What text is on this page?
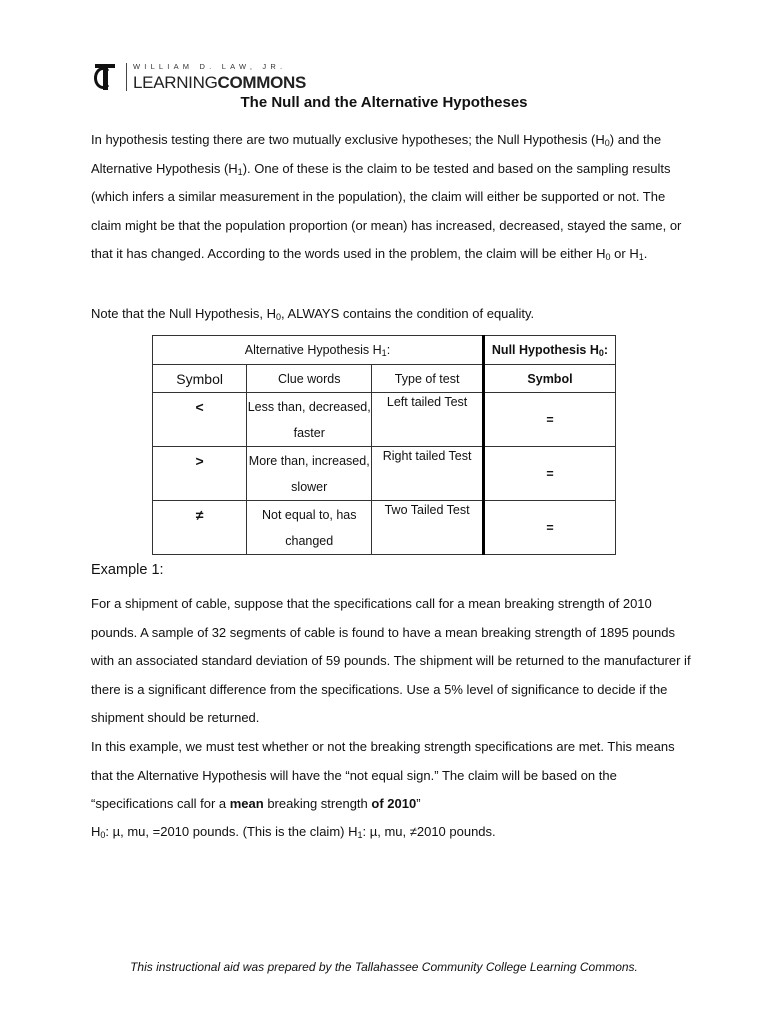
WILLIAM D. LAW, JR.
LEARNINGCOMMONS
The Null and the Alternative Hypotheses

In hypothesis testing there are two mutually exclusive hypotheses; the Null Hypothesis $(H_0)$ and the Alternative Hypothesis $(H_1)$. One of these is the claim to be tested and based on the sampling results (which infers a similar measurement in the population), the claim will either be supported or not. The claim might be that the population proportion (or mean) has increased, decreased, stayed the same, or that it has changed. According to the words used in the problem, the claim will be either $H_0$ or $H_1$.

Note that the Null Hypothesis, $H_0$, ALWAYS contains the condition of equality.

Alternative Hypothesis $H_1$:			Null Hypothesis $H_0$:
Symbol	Clue words	Type of test	Symbol
<	Less than, decreased, faster	Left tailed Test	=
>	More than, increased, slower	Right tailed Test	=
≠	Not equal to, has changed	Two Tailed Test	=

Example 1:

For a shipment of cable, suppose that the specifications call for a mean breaking strength of 2010 pounds. A sample of 32 segments of cable is found to have a mean breaking strength of 1895 pounds with an associated standard deviation of 59 pounds. The shipment will be returned to the manufacturer if there is a significant difference from the specifications. Use a 5% level of significance to decide if the shipment should be returned.

In this example, we must test whether or not the breaking strength specifications are met. This means that the Alternative Hypothesis will have the “not equal sign.” The claim will be based on the “specifications call for a mean breaking strength of 2010”

$H_0$: µ, mu, =2010 pounds. (This is the claim) $H_1$: µ, mu, ≠2010 pounds.

This instructional aid was prepared by the Tallahassee Community College Learning Commons.
